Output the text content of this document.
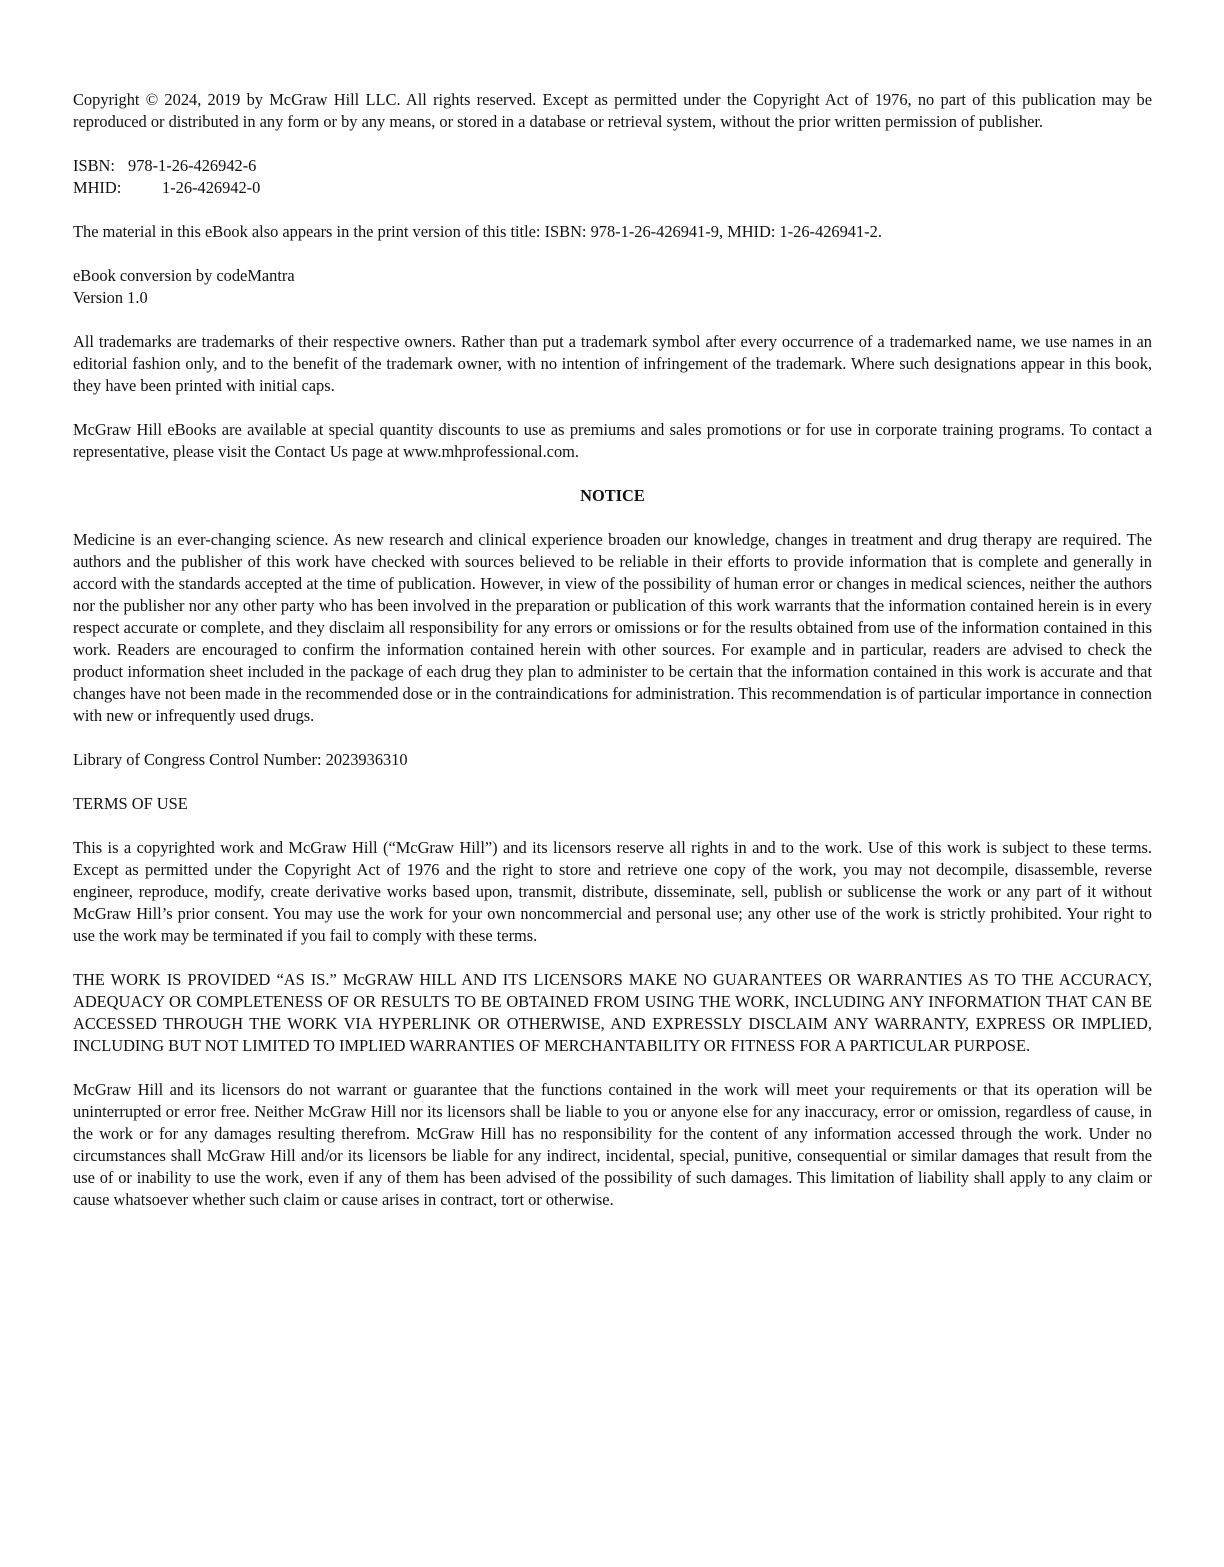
Copyright © 2024, 2019 by McGraw Hill LLC. All rights reserved. Except as permitted under the Copyright Act of 1976, no part of this publication may be reproduced or distributed in any form or by any means, or stored in a database or retrieval system, without the prior written permission of publisher.

ISBN: 978-1-26-426942-6
MHID:	1-26-426942-0

The material in this eBook also appears in the print version of this title: ISBN: 978-1-26-426941-9, MHID: 1-26-426941-2.

eBook conversion by codeMantra
Version 1.0

All trademarks are trademarks of their respective owners. Rather than put a trademark symbol after every occurrence of a trademarked name, we use names in an editorial fashion only, and to the benefit of the trademark owner, with no intention of infringement of the trademark. Where such designations appear in this book, they have been printed with initial caps.

McGraw Hill eBooks are available at special quantity discounts to use as premiums and sales promotions or for use in corporate training programs. To contact a representative, please visit the Contact Us page at www.mhprofessional.com.

NOTICE

Medicine is an ever-changing science. As new research and clinical experience broaden our knowledge, changes in treatment and drug therapy are required. The authors and the publisher of this work have checked with sources believed to be reliable in their efforts to provide information that is complete and generally in accord with the standards accepted at the time of publication. However, in view of the possibility of human error or changes in medical sciences, neither the authors nor the publisher nor any other party who has been involved in the preparation or publication of this work warrants that the information contained herein is in every respect accurate or complete, and they disclaim all responsibility for any errors or omissions or for the results obtained from use of the information contained in this work. Readers are encouraged to confirm the information contained herein with other sources. For example and in particular, readers are advised to check the product information sheet included in the package of each drug they plan to administer to be certain that the information contained in this work is accurate and that changes have not been made in the recommended dose or in the contraindications for administration. This recommendation is of particular importance in connection with new or infrequently used drugs.

Library of Congress Control Number: 2023936310

TERMS OF USE

This is a copyrighted work and McGraw Hill (“McGraw Hill”) and its licensors reserve all rights in and to the work. Use of this work is subject to these terms. Except as permitted under the Copyright Act of 1976 and the right to store and retrieve one copy of the work, you may not decompile, disassemble, reverse engineer, reproduce, modify, create derivative works based upon, transmit, distribute, disseminate, sell, publish or sublicense the work or any part of it without McGraw Hill’s prior consent. You may use the work for your own noncommercial and personal use; any other use of the work is strictly prohibited. Your right to use the work may be terminated if you fail to comply with these terms.

THE WORK IS PROVIDED “AS IS.” McGRAW HILL AND ITS LICENSORS MAKE NO GUARANTEES OR WARRANTIES AS TO THE ACCURACY, ADEQUACY OR COMPLETENESS OF OR RESULTS TO BE OBTAINED FROM USING THE WORK, INCLUDING ANY INFORMATION THAT CAN BE ACCESSED THROUGH THE WORK VIA HYPERLINK OR OTHERWISE, AND EXPRESSLY DISCLAIM ANY WARRANTY, EXPRESS OR IMPLIED, INCLUDING BUT NOT LIMITED TO IMPLIED WARRANTIES OF MERCHANTABILITY OR FITNESS FOR A PARTICULAR PURPOSE.

McGraw Hill and its licensors do not warrant or guarantee that the functions contained in the work will meet your requirements or that its operation will be uninterrupted or error free. Neither McGraw Hill nor its licensors shall be liable to you or anyone else for any inaccuracy, error or omission, regardless of cause, in the work or for any damages resulting therefrom. McGraw Hill has no responsibility for the content of any information accessed through the work. Under no circumstances shall McGraw Hill and/or its licensors be liable for any indirect, incidental, special, punitive, consequential or similar damages that result from the use of or inability to use the work, even if any of them has been advised of the possibility of such damages. This limitation of liability shall apply to any claim or cause whatsoever whether such claim or cause arises in contract, tort or otherwise.
